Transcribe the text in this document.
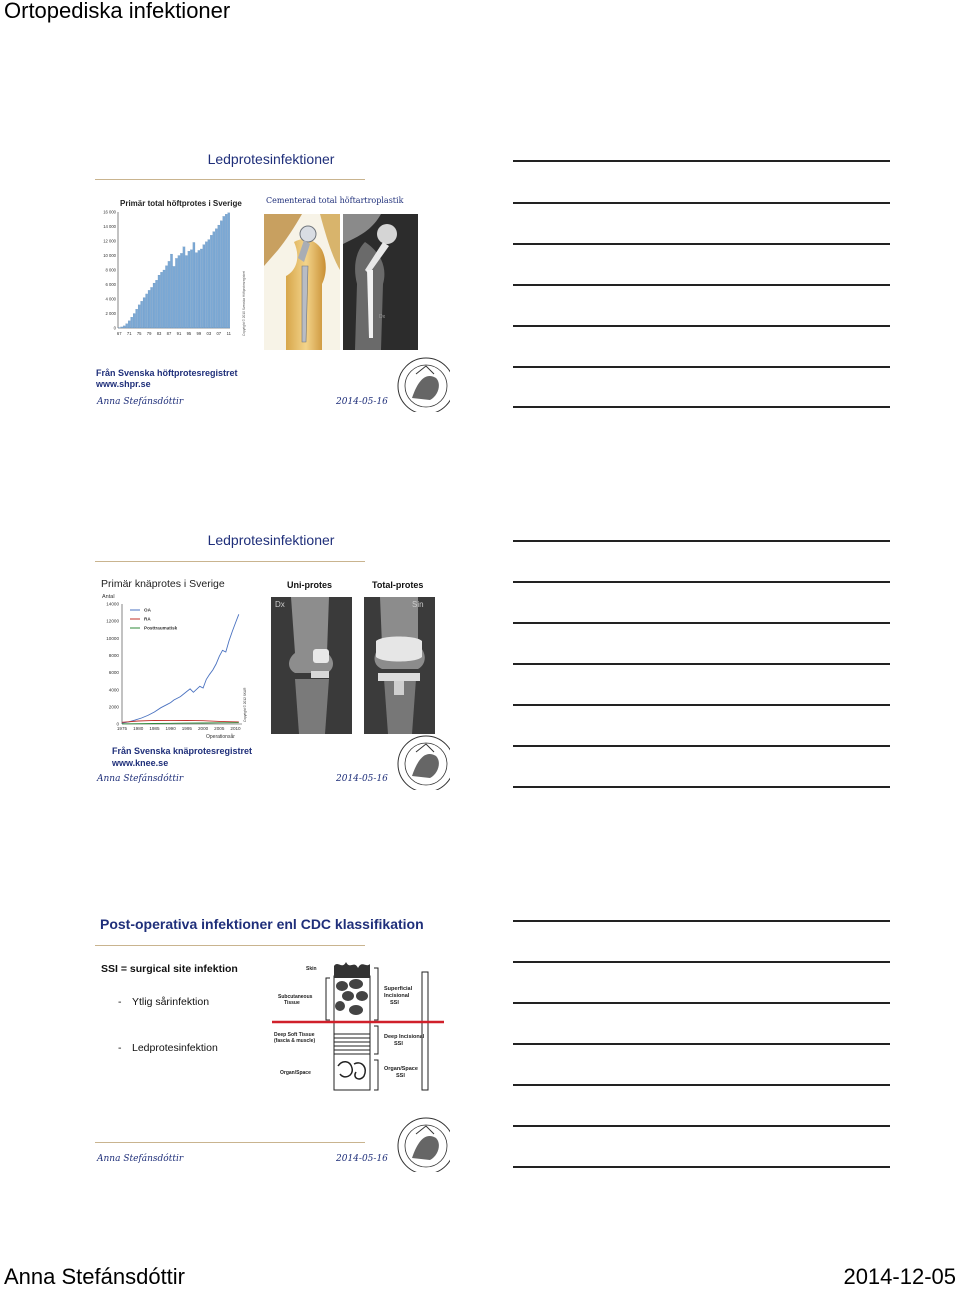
Ortopediska infektioner
Ledprotesinfektioner
Primär total höftprotes i Sverige
0
2 000
4 000
6 000
8 000
10 000
12 000
14 000
16 000
67 71 75 79 83 87 91 95 99 03 07 11	Copyright © 2010 Svenska Höftprotesregistret
Cementerad total höftartroplastik
Dx
Från Svenska höftprotesregistret
www.shpr.se
Anna Stefánsdóttir	2014-05-16
Ledprotesinfektioner
Primär knäprotes i Sverige
Antal
0
2000
4000
6000
8000
10000
12000
14000
1975 1980 1985 1990 1995 2000 2005 2010
OA
RA
Posttraumatisk
Operationsår
Copyright © 2012 SKAR
Uni-protes	Total-protes
Dx	Sin
Från Svenska knäprotesregistret
www.knee.se
Anna Stefánsdóttir	2014-05-16
Post-operativa infektioner enl CDC klassifikation
SSI = surgical site infektion
- Ytlig sårinfektion
- Ledprotesinfektion
Skin
Subcutaneous
Tissue
Deep Soft Tissue
(fascia & muscle)
Organ/Space
Superficial
Incisional
SSI
Deep Incisional
SSI
Organ/Space
SSI
Anna Stefánsdóttir	2014-05-16
Anna Stefánsdóttir	2014-12-05
